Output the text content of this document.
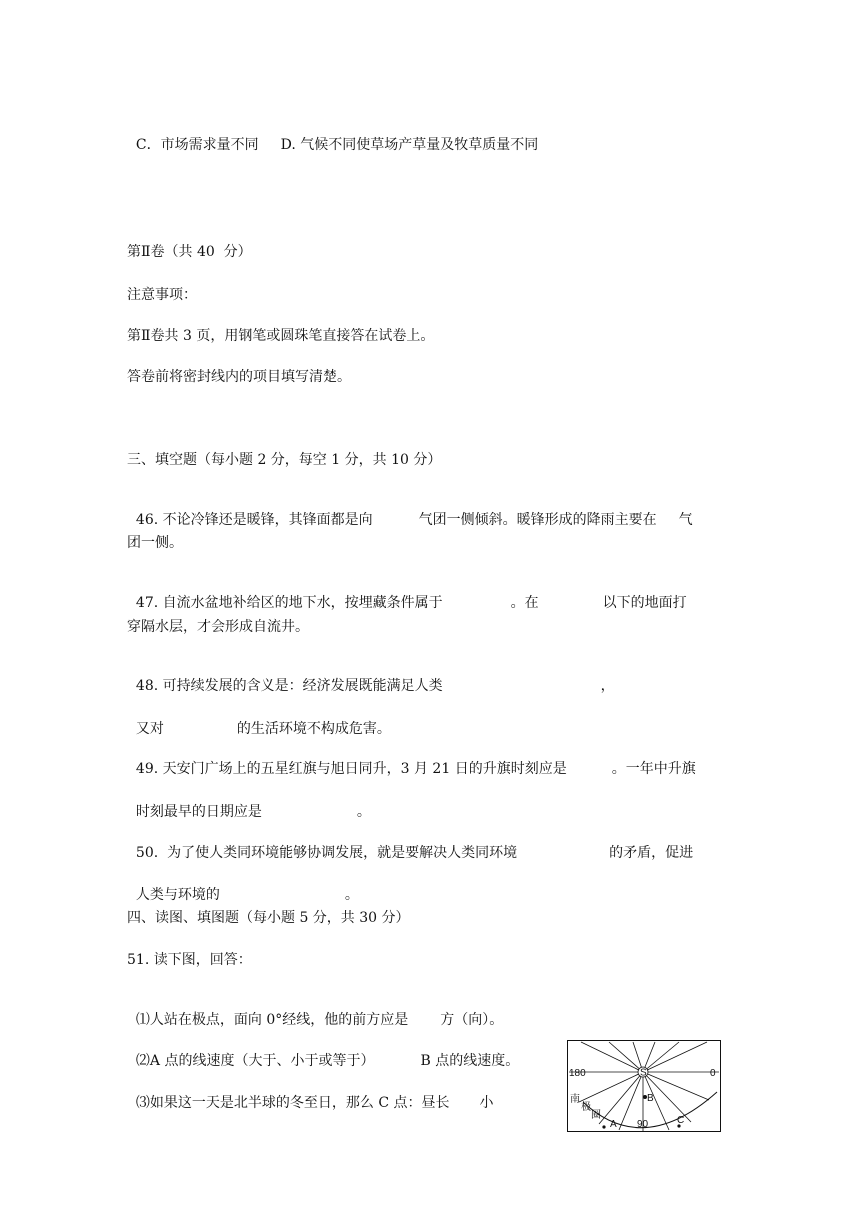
C．市场需求量不同 D. 气候不同使草场产草量及牧草质量不同

第Ⅱ卷（共 40  分）
注意事项：
第Ⅱ卷共 3 页，用钢笔或圆珠笔直接答在试卷上。
答卷前将密封线内的项目填写清楚。
三、填空题（每小题 2 分，每空 1 分，共 10 分）

46. 不论冷锋还是暖锋，其锋面都是向	气团一侧倾斜。暖锋形成的降雨主要在 气

团一侧。

47. 自流水盆地补给区的地下水，按埋藏条件属于	。在	以下的地面打

穿隔水层，才会形成自流井。

48. 可持续发展的含义是：经济发展既能满足人类	，

又对	的生活环境不构成危害。

49. 天安门广场上的五星红旗与旭日同升，3 月 21 日的升旗时刻应是	。一年中升旗

时刻最早的日期应是	。

50.  为了使人类同环境能够协调发展，就是要解决人类同环境	的矛盾，促进

人类与环境的	。

四、读图、填图题（每小题 5 分，共 30 分）
51. 读下图，回答：

⑴人站在极点，面向 0°经线，他的前方应是 方（向）。

⑵A 点的线速度（大于、小于或等于）	B 点的线速度。

⑶如果这一天是北半球的冬至日，那么 C 点：昼长 小

180	0
S
B
A	C
90
南
极
圈
